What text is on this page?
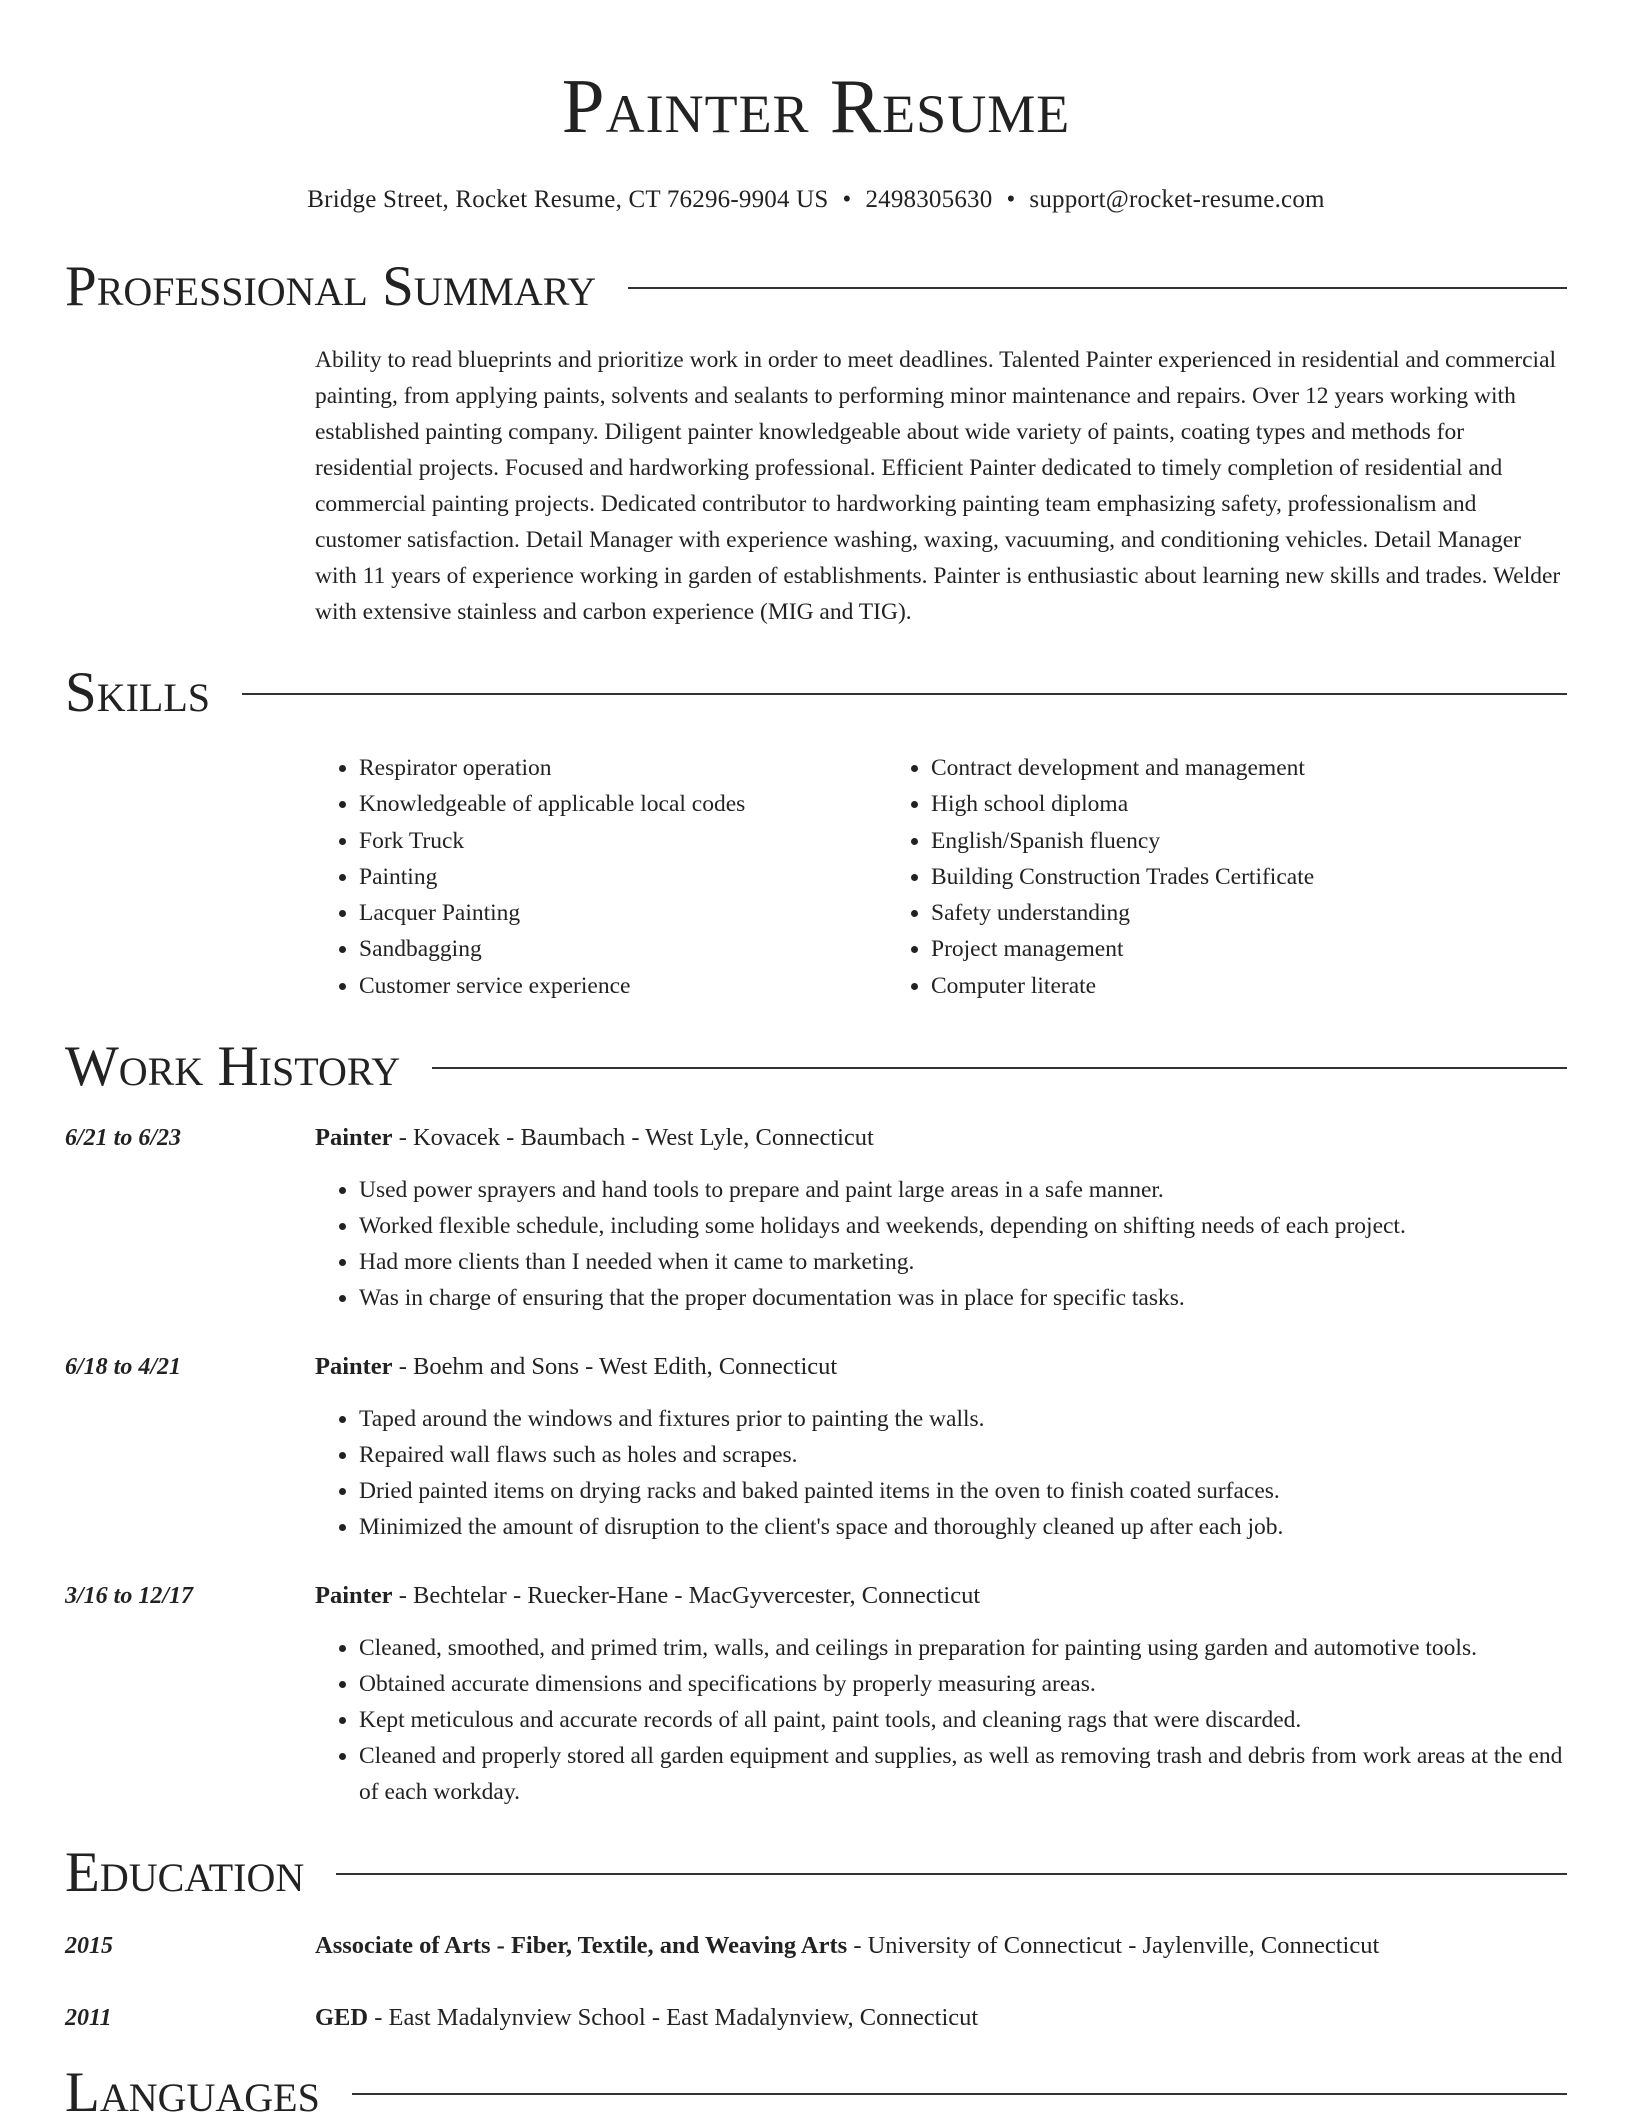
Painter Resume
Bridge Street, Rocket Resume, CT 76296-9904 US • 2498305630 • support@rocket-resume.com
Professional Summary
Ability to read blueprints and prioritize work in order to meet deadlines. Talented Painter experienced in residential and commercial painting, from applying paints, solvents and sealants to performing minor maintenance and repairs. Over 12 years working with established painting company. Diligent painter knowledgeable about wide variety of paints, coating types and methods for residential projects. Focused and hardworking professional. Efficient Painter dedicated to timely completion of residential and commercial painting projects. Dedicated contributor to hardworking painting team emphasizing safety, professionalism and customer satisfaction. Detail Manager with experience washing, waxing, vacuuming, and conditioning vehicles. Detail Manager with 11 years of experience working in garden of establishments. Painter is enthusiastic about learning new skills and trades. Welder with extensive stainless and carbon experience (MIG and TIG).
Skills
• Respirator operation
• Knowledgeable of applicable local codes
• Fork Truck
• Painting
• Lacquer Painting
• Sandbagging
• Customer service experience
• Contract development and management
• High school diploma
• English/Spanish fluency
• Building Construction Trades Certificate
• Safety understanding
• Project management
• Computer literate
Work History
6/21 to 6/23	Painter - Kovacek - Baumbach - West Lyle, Connecticut
• Used power sprayers and hand tools to prepare and paint large areas in a safe manner.
• Worked flexible schedule, including some holidays and weekends, depending on shifting needs of each project.
• Had more clients than I needed when it came to marketing.
• Was in charge of ensuring that the proper documentation was in place for specific tasks.
6/18 to 4/21	Painter - Boehm and Sons - West Edith, Connecticut
• Taped around the windows and fixtures prior to painting the walls.
• Repaired wall flaws such as holes and scrapes.
• Dried painted items on drying racks and baked painted items in the oven to finish coated surfaces.
• Minimized the amount of disruption to the client's space and thoroughly cleaned up after each job.
3/16 to 12/17	Painter - Bechtelar - Ruecker-Hane - MacGyvercester, Connecticut
• Cleaned, smoothed, and primed trim, walls, and ceilings in preparation for painting using garden and automotive tools.
• Obtained accurate dimensions and specifications by properly measuring areas.
• Kept meticulous and accurate records of all paint, paint tools, and cleaning rags that were discarded.
• Cleaned and properly stored all garden equipment and supplies, as well as removing trash and debris from work areas at the end of each workday.
Education
2015	Associate of Arts - Fiber, Textile, and Weaving Arts - University of Connecticut - Jaylenville, Connecticut
2011	GED - East Madalynview School - East Madalynview, Connecticut
Languages
